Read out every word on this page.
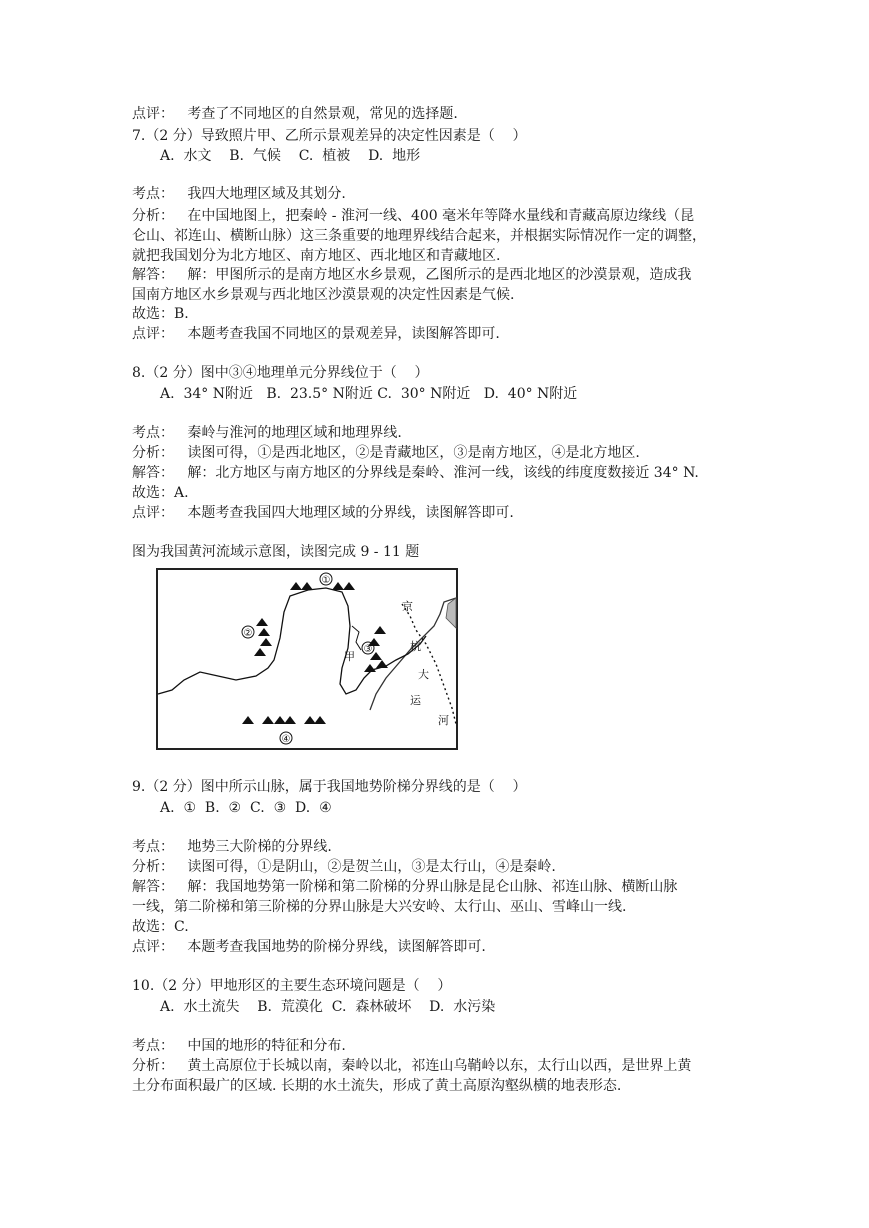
点评：   考查了不同地区的自然景观，常见的选择题.
7.（2 分）导致照片甲、乙所示景观差异的决定性因素是（    ）
A.  水文    B.  气候    C.  植被    D.  地形
考点：   我四大地理区域及其划分.
分析：   在中国地图上，把秦岭 - 淮河一线、400 毫米年等降水量线和青藏高原边缘线（昆
仑山、祁连山、横断山脉）这三条重要的地理界线结合起来，并根据实际情况作一定的调整，
就把我国划分为北方地区、南方地区、西北地区和青藏地区.
解答：   解：甲图所示的是南方地区水乡景观，乙图所示的是西北地区的沙漠景观，造成我
国南方地区水乡景观与西北地区沙漠景观的决定性因素是气候.
故选：B.
点评：   本题考查我国不同地区的景观差异，读图解答即可.
8.（2 分）图中③④地理单元分界线位于（    ）
A.  34° N附近   B.  23.5° N附近 C.  30° N附近   D.  40° N附近
考点：   秦岭与淮河的地理区域和地理界线.
分析：   读图可得，①是西北地区，②是青藏地区，③是南方地区，④是北方地区.
解答：   解：北方地区与南方地区的分界线是秦岭、淮河一线，该线的纬度度数接近 34° N.
故选：A.
点评：   本题考查我国四大地理区域的分界线，读图解答即可.
图为我国黄河流域示意图，读图完成 9 - 11 题
①
②
③
甲
④
京
杭
大
运
河
9.（2 分）图中所示山脉，属于我国地势阶梯分界线的是（    ）
A.  ①  B.  ②  C.  ③  D.  ④
考点：   地势三大阶梯的分界线.
分析：   读图可得，①是阴山，②是贺兰山，③是太行山，④是秦岭.
解答：   解：我国地势第一阶梯和第二阶梯的分界山脉是昆仑山脉、祁连山脉、横断山脉
一线，第二阶梯和第三阶梯的分界山脉是大兴安岭、太行山、巫山、雪峰山一线.
故选：C.
点评：   本题考查我国地势的阶梯分界线，读图解答即可.
10.（2 分）甲地形区的主要生态环境问题是（    ）
A.  水土流失    B.  荒漠化  C.  森林破坏    D.  水污染
考点：   中国的地形的特征和分布.
分析：   黄土高原位于长城以南，秦岭以北，祁连山乌鞘岭以东，太行山以西，是世界上黄
土分布面积最广的区域. 长期的水土流失，形成了黄土高原沟壑纵横的地表形态.
